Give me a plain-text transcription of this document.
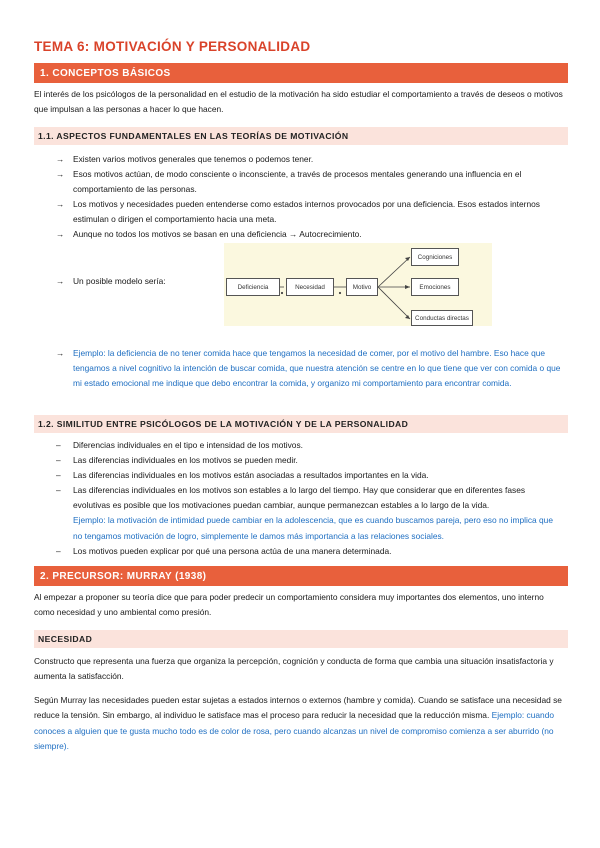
TEMA 6: MOTIVACIÓN Y PERSONALIDAD
1. CONCEPTOS BÁSICOS
El interés de los psicólogos de la personalidad en el estudio de la motivación ha sido estudiar el comportamiento a través de deseos o motivos que impulsan a las personas a hacer lo que hacen.
1.1. ASPECTOS FUNDAMENTALES EN LAS TEORÍAS DE MOTIVACIÓN
→ Existen varios motivos generales que tenemos o podemos tener.
→ Esos motivos actúan, de modo consciente o inconsciente, a través de procesos mentales generando una influencia en el comportamiento de las personas.
→ Los motivos y necesidades pueden entenderse como estados internos provocados por una deficiencia. Esos estados internos estimulan o dirigen el comportamiento hacia una meta.
→ Aunque no todos los motivos se basan en una deficiencia → Autocrecimiento.
→ Un posible modelo sería:
Deficiencia	Necesidad	Motivo
Cogniciones
Emociones
Conductas directas
→ Ejemplo: la deficiencia de no tener comida hace que tengamos la necesidad de comer, por el motivo del hambre. Eso hace que tengamos a nivel cognitivo la intención de buscar comida, que nuestra atención se centre en lo que tiene que ver con comida o que mi estado emocional me indique que debo encontrar la comida, y organizo mi comportamiento para encontrar comida.
1.2. SIMILITUD ENTRE PSICÓLOGOS DE LA MOTIVACIÓN Y DE LA PERSONALIDAD
– Diferencias individuales en el tipo e intensidad de los motivos.
– Las diferencias individuales en los motivos se pueden medir.
– Las diferencias individuales en los motivos están asociadas a resultados importantes en la vida.
– Las diferencias individuales en los motivos son estables a lo largo del tiempo. Hay que considerar que en diferentes fases evolutivas es posible que los motivaciones puedan cambiar, aunque permanezcan estables a lo largo de la vida.
Ejemplo: la motivación de intimidad puede cambiar en la adolescencia, que es cuando buscamos pareja, pero eso no implica que no tengamos motivación de logro, simplemente le damos más importancia a las relaciones sociales.
– Los motivos pueden explicar por qué una persona actúa de una manera determinada.
2. PRECURSOR: MURRAY (1938)
Al empezar a proponer su teoría dice que para poder predecir un comportamiento considera muy importantes dos elementos, uno interno como necesidad y uno ambiental como presión.
NECESIDAD
Constructo que representa una fuerza que organiza la percepción, cognición y conducta de forma que cambia una situación insatisfactoria y aumenta la satisfacción.
Según Murray las necesidades pueden estar sujetas a estados internos o externos (hambre y comida). Cuando se satisface una necesidad se reduce la tensión. Sin embargo, al individuo le satisface mas el proceso para reducir la necesidad que la reducción misma. Ejemplo: cuando conoces a alguien que te gusta mucho todo es de color de rosa, pero cuando alcanzas un nivel de compromiso comienza a ser aburrido (no siempre).
